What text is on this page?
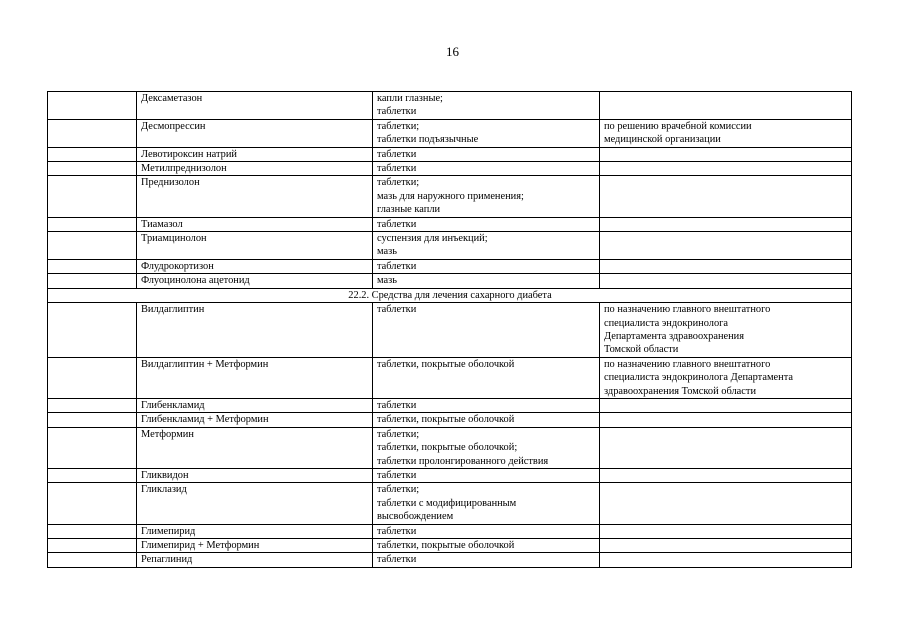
16
	Дексаметазон	капли глазные;
таблетки	
	Десмопрессин	таблетки;
таблетки подъязычные	по решению врачебной комиссии
медицинской организации
	Левотироксин натрий	таблетки	
	Метилпреднизолон	таблетки	
	Преднизолон	таблетки;
мазь для наружного применения;
глазные капли	
	Тиамазол	таблетки	
	Триамцинолон	суспензия для инъекций;
мазь	
	Флудрокортизон	таблетки	
	Флуоцинолона ацетонид	мазь	
22.2. Средства для лечения сахарного диабета			
	Вилдаглиптин	таблетки	по назначению главного внештатного
специалиста эндокринолога
Департамента здравоохранения
Томской области
	Вилдаглиптин + Метформин	таблетки, покрытые оболочкой	по назначению главного внештатного
специалиста эндокринолога Департамента
здравоохранения Томской области
	Глибенкламид	таблетки	
	Глибенкламид + Метформин	таблетки, покрытые оболочкой	
	Метформин	таблетки;
таблетки, покрытые оболочкой;
таблетки пролонгированного действия	
	Гликвидон	таблетки	
	Гликлазид	таблетки;
таблетки с модифицированным
высвобождением	
	Глимепирид	таблетки	
	Глимепирид + Метформин	таблетки, покрытые оболочкой	
	Репаглинид	таблетки	
